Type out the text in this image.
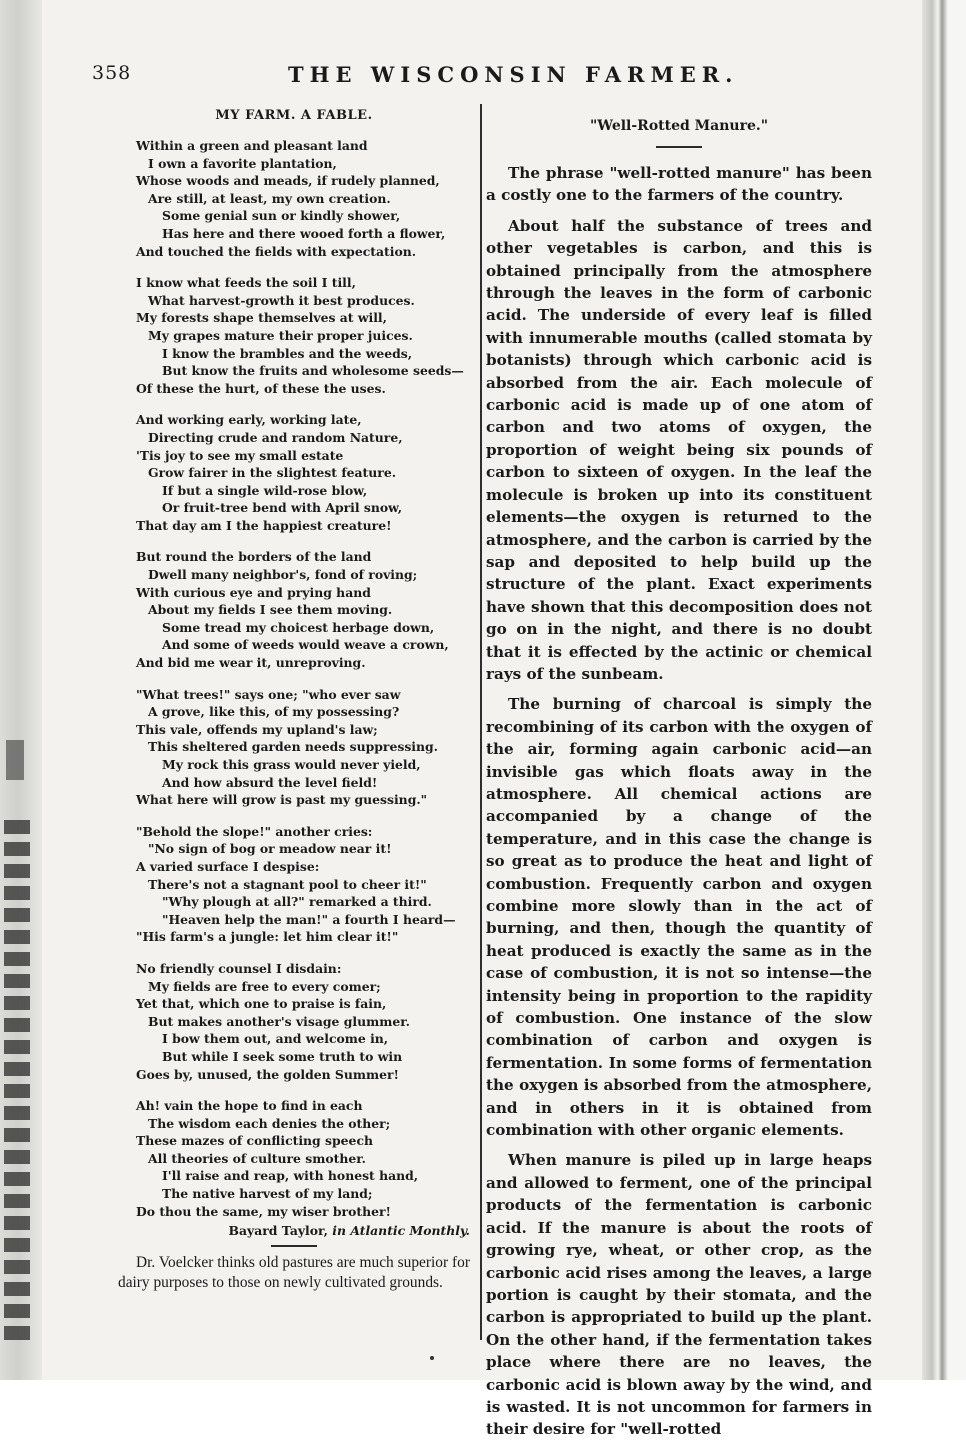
358	THE WISCONSIN FARMER.
MY FARM. A FABLE.
Within a green and pleasant land
I own a favorite plantation,
Whose woods and meads, if rudely planned,
Are still, at least, my own creation.
Some genial sun or kindly shower,
Has here and there wooed forth a flower,
And touched the fields with expectation.
I know what feeds the soil I till,
What harvest-growth it best produces.
My forests shape themselves at will,
My grapes mature their proper juices.
I know the brambles and the weeds,
But know the fruits and wholesome seeds—
Of these the hurt, of these the uses.
And working early, working late,
Directing crude and random Nature,
'Tis joy to see my small estate
Grow fairer in the slightest feature.
If but a single wild-rose blow,
Or fruit-tree bend with April snow,
That day am I the happiest creature!
But round the borders of the land
Dwell many neighbor's, fond of roving;
With curious eye and prying hand
About my fields I see them moving.
Some tread my choicest herbage down,
And some of weeds would weave a crown,
And bid me wear it, unreproving.
"What trees!" says one; "who ever saw
A grove, like this, of my possessing?
This vale, offends my upland's law;
This sheltered garden needs suppressing.
My rock this grass would never yield,
And how absurd the level field!
What here will grow is past my guessing."
"Behold the slope!" another cries:
"No sign of bog or meadow near it!
A varied surface I despise:
There's not a stagnant pool to cheer it!"
"Why plough at all?" remarked a third.
"Heaven help the man!" a fourth I heard—
"His farm's a jungle: let him clear it!"
No friendly counsel I disdain:
My fields are free to every comer;
Yet that, which one to praise is fain,
But makes another's visage glummer.
I bow them out, and welcome in,
But while I seek some truth to win
Goes by, unused, the golden Summer!
Ah! vain the hope to find in each
The wisdom each denies the other;
These mazes of conflicting speech
All theories of culture smother.
I'll raise and reap, with honest hand,
The native harvest of my land;
Do thou the same, my wiser brother!
Bayard Taylor, in Atlantic Monthly.
Dr. Voelcker thinks old pastures are much superior for dairy purposes to those on newly cultivated grounds.
"Well-Rotted Manure."
The phrase "well-rotted manure" has been a costly one to the farmers of the country.
About half the substance of trees and other vegetables is carbon, and this is obtained principally from the atmosphere through the leaves in the form of carbonic acid. The underside of every leaf is filled with innumerable mouths (called stomata by botanists) through which carbonic acid is absorbed from the air. Each molecule of carbonic acid is made up of one atom of carbon and two atoms of oxygen, the proportion of weight being six pounds of carbon to sixteen of oxygen. In the leaf the molecule is broken up into its constituent elements—the oxygen is returned to the atmosphere, and the carbon is carried by the sap and deposited to help build up the structure of the plant. Exact experiments have shown that this decomposition does not go on in the night, and there is no doubt that it is effected by the actinic or chemical rays of the sunbeam.
The burning of charcoal is simply the recombining of its carbon with the oxygen of the air, forming again carbonic acid—an invisible gas which floats away in the atmosphere. All chemical actions are accompanied by a change of the temperature, and in this case the change is so great as to produce the heat and light of combustion. Frequently carbon and oxygen combine more slowly than in the act of burning, and then, though the quantity of heat produced is exactly the same as in the case of combustion, it is not so intense—the intensity being in proportion to the rapidity of combustion. One instance of the slow combination of carbon and oxygen is fermentation. In some forms of fermentation the oxygen is absorbed from the atmosphere, and in others in it is obtained from combination with other organic elements.
When manure is piled up in large heaps and allowed to ferment, one of the principal products of the fermentation is carbonic acid. If the manure is about the roots of growing rye, wheat, or other crop, as the carbonic acid rises among the leaves, a large portion is caught by their stomata, and the carbon is appropriated to build up the plant. On the other hand, if the fermentation takes place where there are no leaves, the carbonic acid is blown away by the wind, and is wasted. It is not uncommon for farmers in their desire for "well-rotted
